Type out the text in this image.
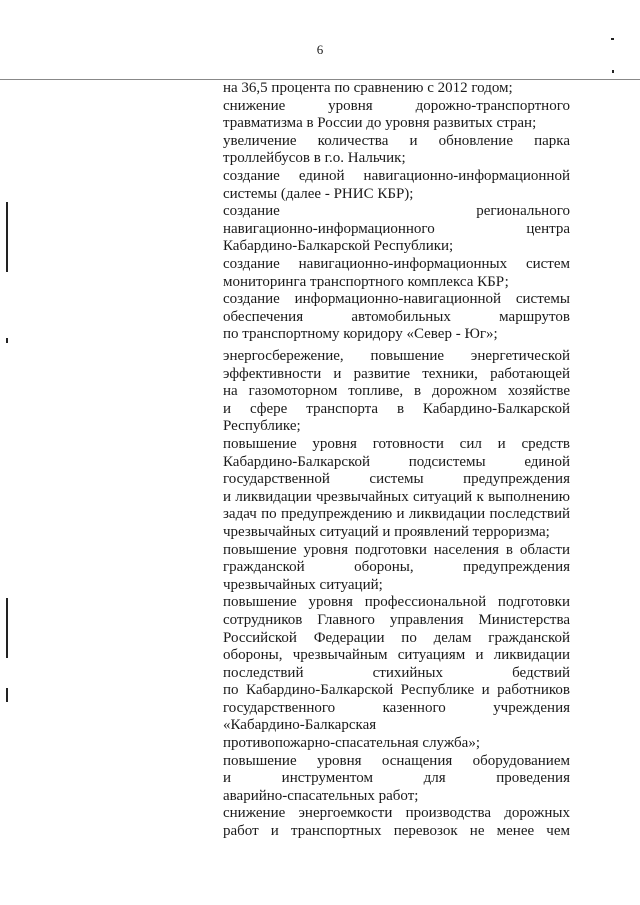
6
на 36,5 процента по сравнению с 2012 годом;
снижение уровня дорожно-транспортного
травматизма в России до уровня развитых стран;
увеличение количества и обновление парка
троллейбусов в г.о. Нальчик;
создание единой навигационно-информационной
системы (далее - РНИС КБР);
создание регионального
навигационно-информационного центра
Кабардино-Балкарской Республики;
создание навигационно-информационных систем
мониторинга транспортного комплекса КБР;
создание информационно-навигационной системы
обеспечения автомобильных маршрутов
по транспортному коридору «Север - Юг»;
энергосбережение, повышение энергетической
эффективности и развитие техники, работающей
на газомоторном топливе, в дорожном хозяйстве
и сфере транспорта в Кабардино-Балкарской
Республике;
повышение уровня готовности сил и средств
Кабардино-Балкарской подсистемы единой
государственной системы предупреждения
и ликвидации чрезвычайных ситуаций к выполнению
задач по предупреждению и ликвидации последствий
чрезвычайных ситуаций и проявлений терроризма;
повышение уровня подготовки населения в области
гражданской обороны, предупреждения
чрезвычайных ситуаций;
повышение уровня профессиональной подготовки
сотрудников Главного управления Министерства
Российской Федерации по делам гражданской
обороны, чрезвычайным ситуациям и ликвидации
последствий стихийных бедствий
по Кабардино-Балкарской Республике и работников
государственного казенного учреждения
«Кабардино-Балкарская
противопожарно-спасательная служба»;
повышение уровня оснащения оборудованием
и инструментом для проведения
аварийно-спасательных работ;
снижение энергоемкости производства дорожных
работ и транспортных перевозок не менее чем
